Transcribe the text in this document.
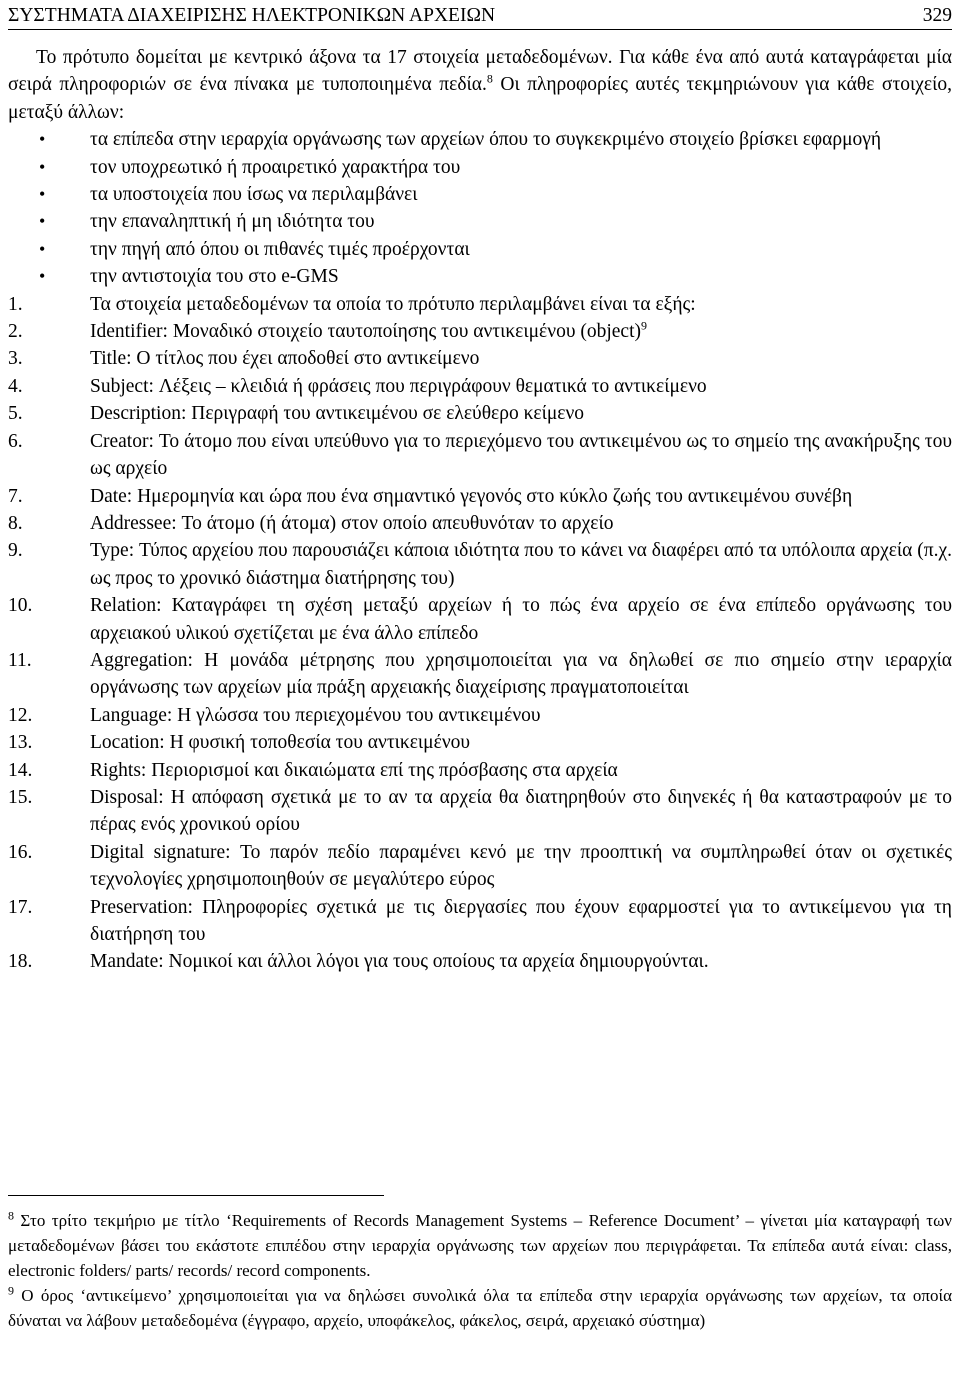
ΣΥΣΤΗΜΑΤΑ ΔΙΑΧΕΙΡΙΣΗΣ ΗΛΕΚΤΡΟΝΙΚΩΝ ΑΡΧΕΙΩΝ	329

Το πρότυπο δομείται με κεντρικό άξονα τα 17 στοιχεία μεταδεδομένων. Για κάθε ένα από αυτά καταγράφεται μία σειρά πληροφοριών σε ένα πίνακα με τυποποιημένα πεδία.$^8$ Οι πληροφορίες αυτές τεκμηριώνουν για κάθε στοιχείο, μεταξύ άλλων:

• τα επίπεδα στην ιεραρχία οργάνωσης των αρχείων όπου το συγκεκριμένο στοιχείο βρίσκει εφαρμογή
• τον υποχρεωτικό ή προαιρετικό χαρακτήρα του
• τα υποστοιχεία που ίσως να περιλαμβάνει
• την επαναληπτική ή μη ιδιότητα του
• την πηγή από όπου οι πιθανές τιμές προέρχονται
• την αντιστοιχία του στο e-GMS
1.	Τα στοιχεία μεταδεδομένων τα οποία το πρότυπο περιλαμβάνει είναι τα εξής:
2.	Identifier: Μοναδικό στοιχείο ταυτοποίησης του αντικειμένου (object)$^9$
3.	Title: Ο τίτλος που έχει αποδοθεί στο αντικείμενο
4.	Subject: Λέξεις – κλειδιά ή φράσεις που περιγράφουν θεματικά το αντικείμενο
5.	Description: Περιγραφή του αντικειμένου σε ελεύθερο κείμενο
6.	Creator: Το άτομο που είναι υπεύθυνο για το περιεχόμενο του αντικειμένου ως το σημείο της ανακήρυξης του ως αρχείο
7.	Date: Ημερομηνία και ώρα που ένα σημαντικό γεγονός στο κύκλο ζωής του αντικειμένου συνέβη
8.	Addressee: Το άτομο (ή άτομα) στον οποίο απευθυνόταν το αρχείο
9.	Type: Τύπος αρχείου που παρουσιάζει κάποια ιδιότητα που το κάνει να διαφέρει από τα υπόλοιπα αρχεία (π.χ. ως προς το χρονικό διάστημα διατήρησης του)
10.	Relation: Καταγράφει τη σχέση μεταξύ αρχείων ή το πώς ένα αρχείο σε ένα επίπεδο οργάνωσης του αρχειακού υλικού σχετίζεται με ένα άλλο επίπεδο
11.	Aggregation: Η μονάδα μέτρησης που χρησιμοποιείται για να δηλωθεί σε πιο σημείο στην ιεραρχία οργάνωσης των αρχείων μία πράξη αρχειακής διαχείρισης πραγματοποιείται
12.	Language: Η γλώσσα του περιεχομένου του αντικειμένου
13.	Location: Η φυσική τοποθεσία του αντικειμένου
14.	Rights: Περιορισμοί και δικαιώματα επί της πρόσβασης στα αρχεία
15.	Disposal: Η απόφαση σχετικά με το αν τα αρχεία θα διατηρηθούν στο διηνεκές ή θα καταστραφούν με το πέρας ενός χρονικού ορίου
16.	Digital signature: Το παρόν πεδίο παραμένει κενό με την προοπτική να συμπληρωθεί όταν οι σχετικές τεχνολογίες χρησιμοποιηθούν σε μεγαλύτερο εύρος
17.	Preservation: Πληροφορίες σχετικά με τις διεργασίες που έχουν εφαρμοστεί για το αντικείμενου για τη διατήρηση του
18.	Mandate: Νομικοί και άλλοι λόγοι για τους οποίους τα αρχεία δημιουργούνται.

$^8$ Στο τρίτο τεκμήριο με τίτλο ‘Requirements of Records Management Systems – Reference Document’ – γίνεται μία καταγραφή των μεταδεδομένων βάσει του εκάστοτε επιπέδου στην ιεραρχία οργάνωσης των αρχείων που περιγράφεται. Τα επίπεδα αυτά είναι: class, electronic folders/ parts/ records/ record components.

$^9$ Ο όρος ‘αντικείμενο’ χρησιμοποιείται για να δηλώσει συνολικά όλα τα επίπεδα στην ιεραρχία οργάνωσης των αρχείων, τα οποία δύναται να λάβουν μεταδεδομένα (έγγραφο, αρχείο, υποφάκελος, φάκελος, σειρά, αρχειακό σύστημα)
